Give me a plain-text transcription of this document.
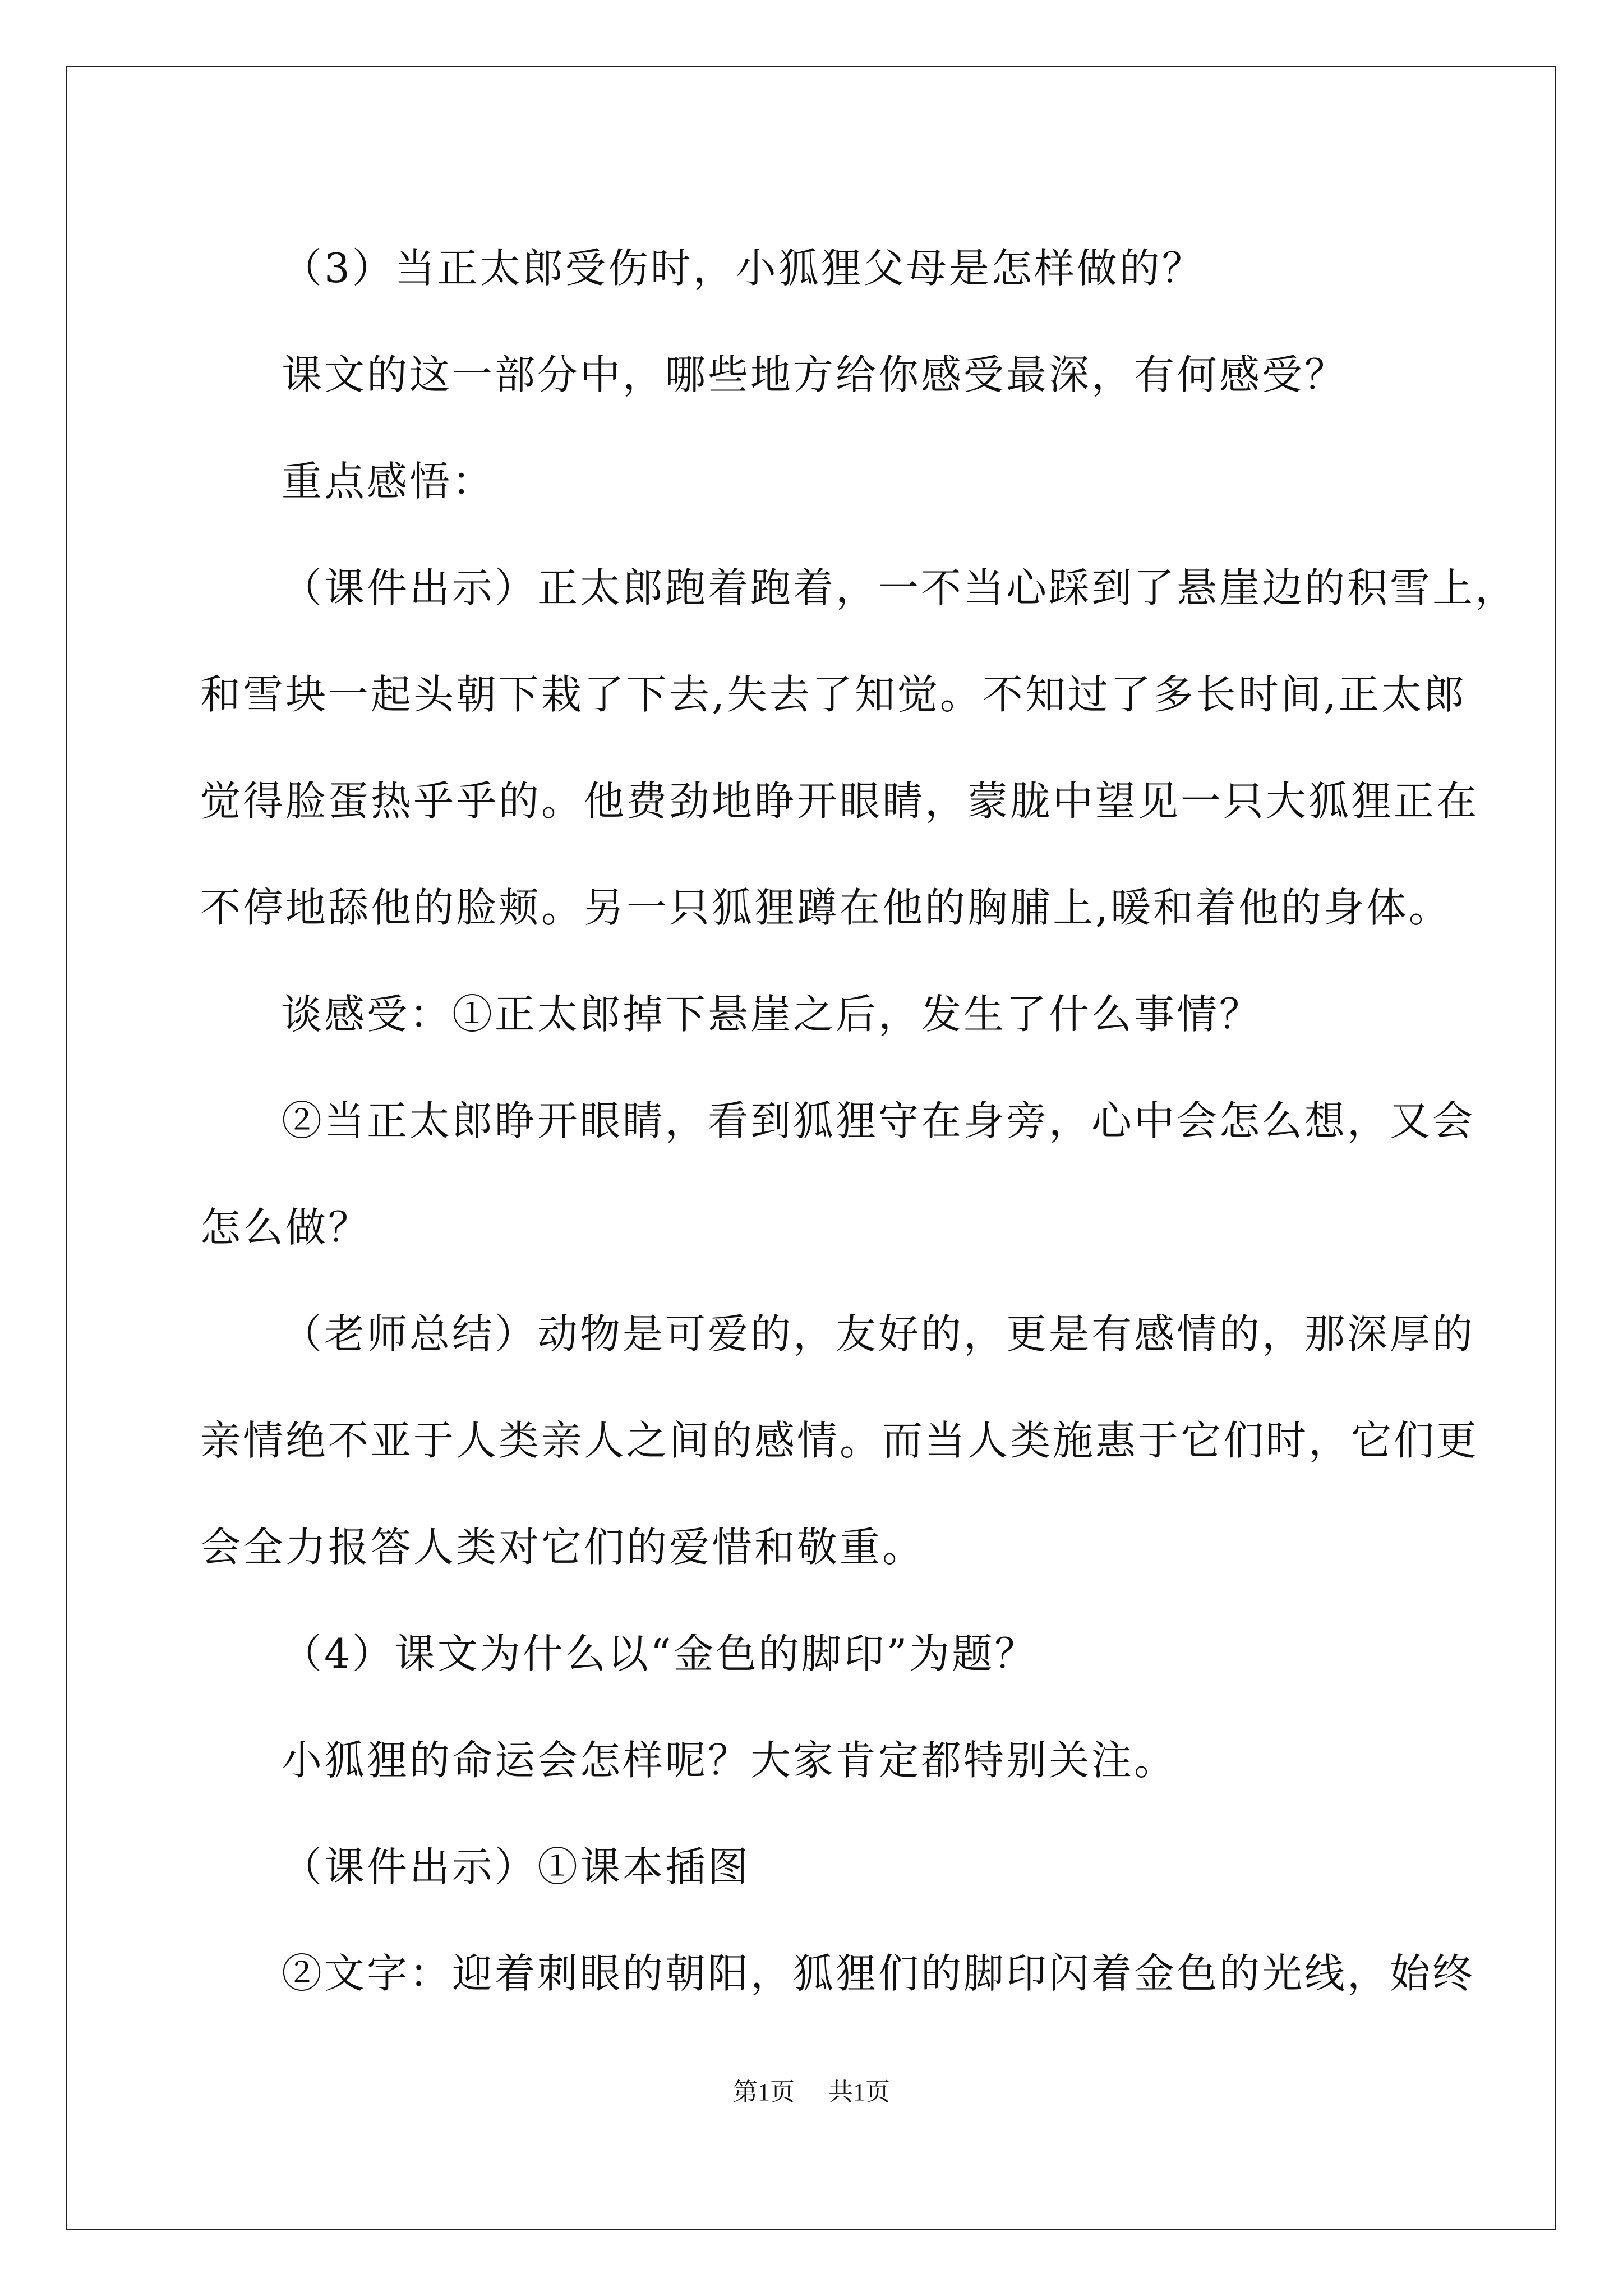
（3）当正太郎受伤时，小狐狸父母是怎样做的？

课文的这一部分中，哪些地方给你感受最深，有何感受？

重点感悟：

（课件出示）正太郎跑着跑着，一不当心踩到了悬崖边的积雪上，

和雪块一起头朝下栽了下去,失去了知觉。不知过了多长时间,正太郎

觉得脸蛋热乎乎的。他费劲地睁开眼睛，蒙胧中望见一只大狐狸正在

不停地舔他的脸颊。另一只狐狸蹲在他的胸脯上,暖和着他的身体。

谈感受：①正太郎掉下悬崖之后，发生了什么事情？

②当正太郎睁开眼睛，看到狐狸守在身旁，心中会怎么想，又会

怎么做？

（老师总结）动物是可爱的，友好的，更是有感情的，那深厚的

亲情绝不亚于人类亲人之间的感情。而当人类施惠于它们时，它们更

会全力报答人类对它们的爱惜和敬重。

（4）课文为什么以“金色的脚印”为题？

小狐狸的命运会怎样呢？大家肯定都特别关注。

（课件出示）①课本插图

②文字：迎着刺眼的朝阳，狐狸们的脚印闪着金色的光线，始终

第1页 共1页
